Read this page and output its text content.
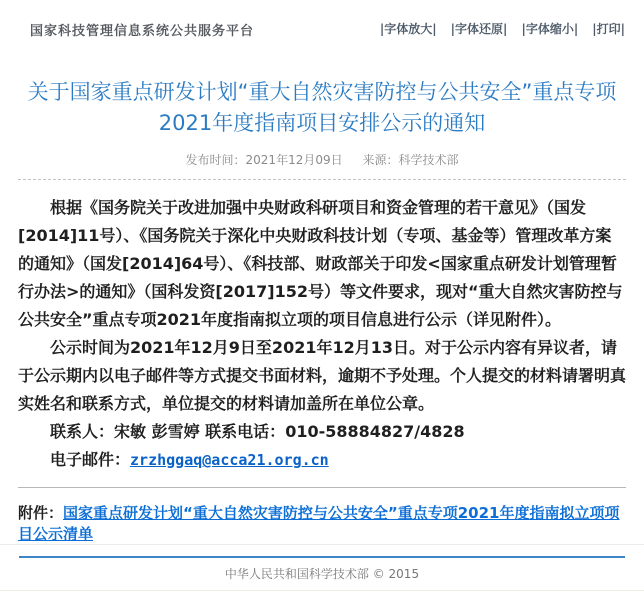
国家科技管理信息系统公共服务平台	|字体放大| |字体还原| |字体缩小| |打印|
关于国家重点研发计划“重大自然灾害防控与公共安全”重点专项2021年度指南项目安排公示的通知
发布时间：2021年12月09日 来源：科学技术部

根据《国务院关于改进加强中央财政科研项目和资金管理的若干意见》（国发[2014]11号）、《国务院关于深化中央财政科技计划（专项、基金等）管理改革方案的通知》（国发[2014]64号）、《科技部、财政部关于印发<国家重点研发计划管理暂行办法>的通知》（国科发资[2017]152号）等文件要求，现对“重大自然灾害防控与公共安全”重点专项2021年度指南拟立项的项目信息进行公示（详见附件）。

公示时间为2021年12月9日至2021年12月13日。对于公示内容有异议者，请于公示期内以电子邮件等方式提交书面材料，逾期不予处理。个人提交的材料请署明真实姓名和联系方式，单位提交的材料请加盖所在单位公章。

联系人：宋敏 彭雪婷 联系电话：010-58884827/4828

电子邮件：zrzhggaq@acca21.org.cn

附件：国家重点研发计划“重大自然灾害防控与公共安全”重点专项2021年度指南拟立项项目公示清单

中华人民共和国科学技术部 © 2015
